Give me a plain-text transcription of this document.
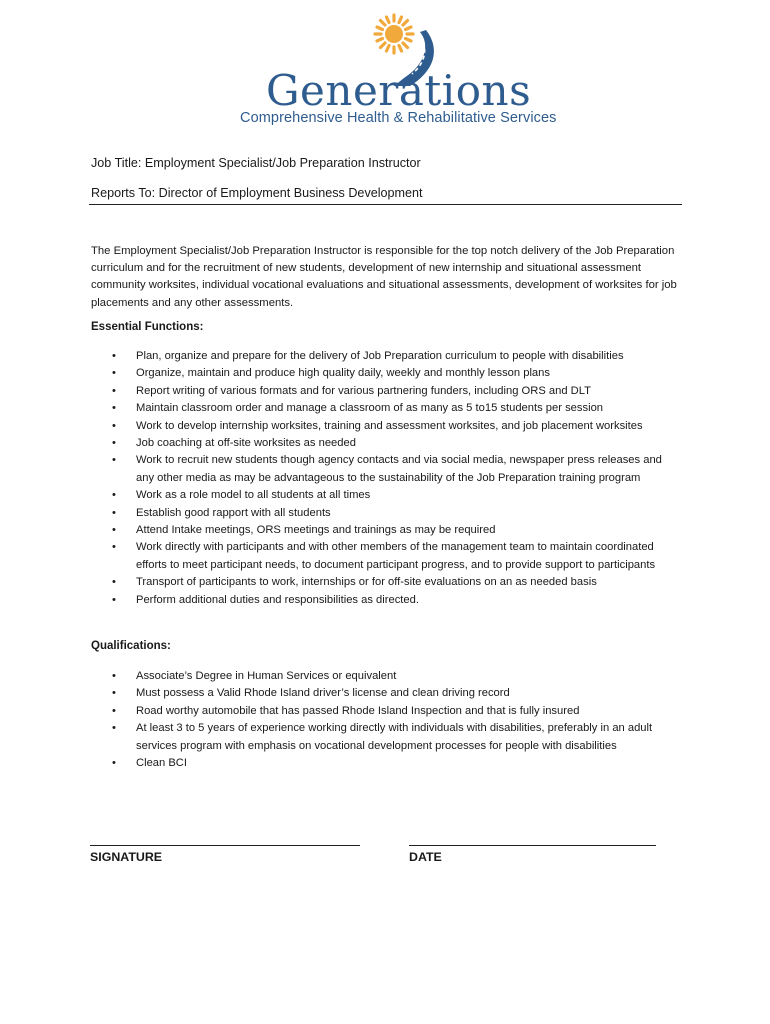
Generations
Comprehensive Health & Rehabilitative Services
Job Title: Employment Specialist/Job Preparation Instructor
Reports To: Director of Employment Business Development
The Employment Specialist/Job Preparation Instructor is responsible for the top notch delivery of the Job Preparation curriculum and for the recruitment of new students, development of new internship and situational assessment community worksites, individual vocational evaluations and situational assessments, development of worksites for job placements and any other assessments.
Essential Functions:
• Plan, organize and prepare for the delivery of Job Preparation curriculum to people with disabilities
• Organize, maintain and produce high quality daily, weekly and monthly lesson plans
• Report writing of various formats and for various partnering funders, including ORS and DLT
• Maintain classroom order and manage a classroom of as many as 5 to15 students per session
• Work to develop internship worksites, training and assessment worksites, and job placement worksites
• Job coaching at off-site worksites as needed
• Work to recruit new students though agency contacts and via social media, newspaper press releases and any other media as may be advantageous to the sustainability of the Job Preparation training program
• Work as a role model to all students at all times
• Establish good rapport with all students
• Attend Intake meetings, ORS meetings and trainings as may be required
• Work directly with participants and with other members of the management team to maintain coordinated efforts to meet participant needs, to document participant progress, and to provide support to participants
• Transport of participants to work, internships or for off-site evaluations on an as needed basis
• Perform additional duties and responsibilities as directed.
Qualifications:
• Associate’s Degree in Human Services or equivalent
• Must possess a Valid Rhode Island driver’s license and clean driving record
• Road worthy automobile that has passed Rhode Island Inspection and that is fully insured
• At least 3 to 5 years of experience working directly with individuals with disabilities, preferably in an adult services program with emphasis on vocational development processes for people with disabilities
• Clean BCI
SIGNATURE	DATE
